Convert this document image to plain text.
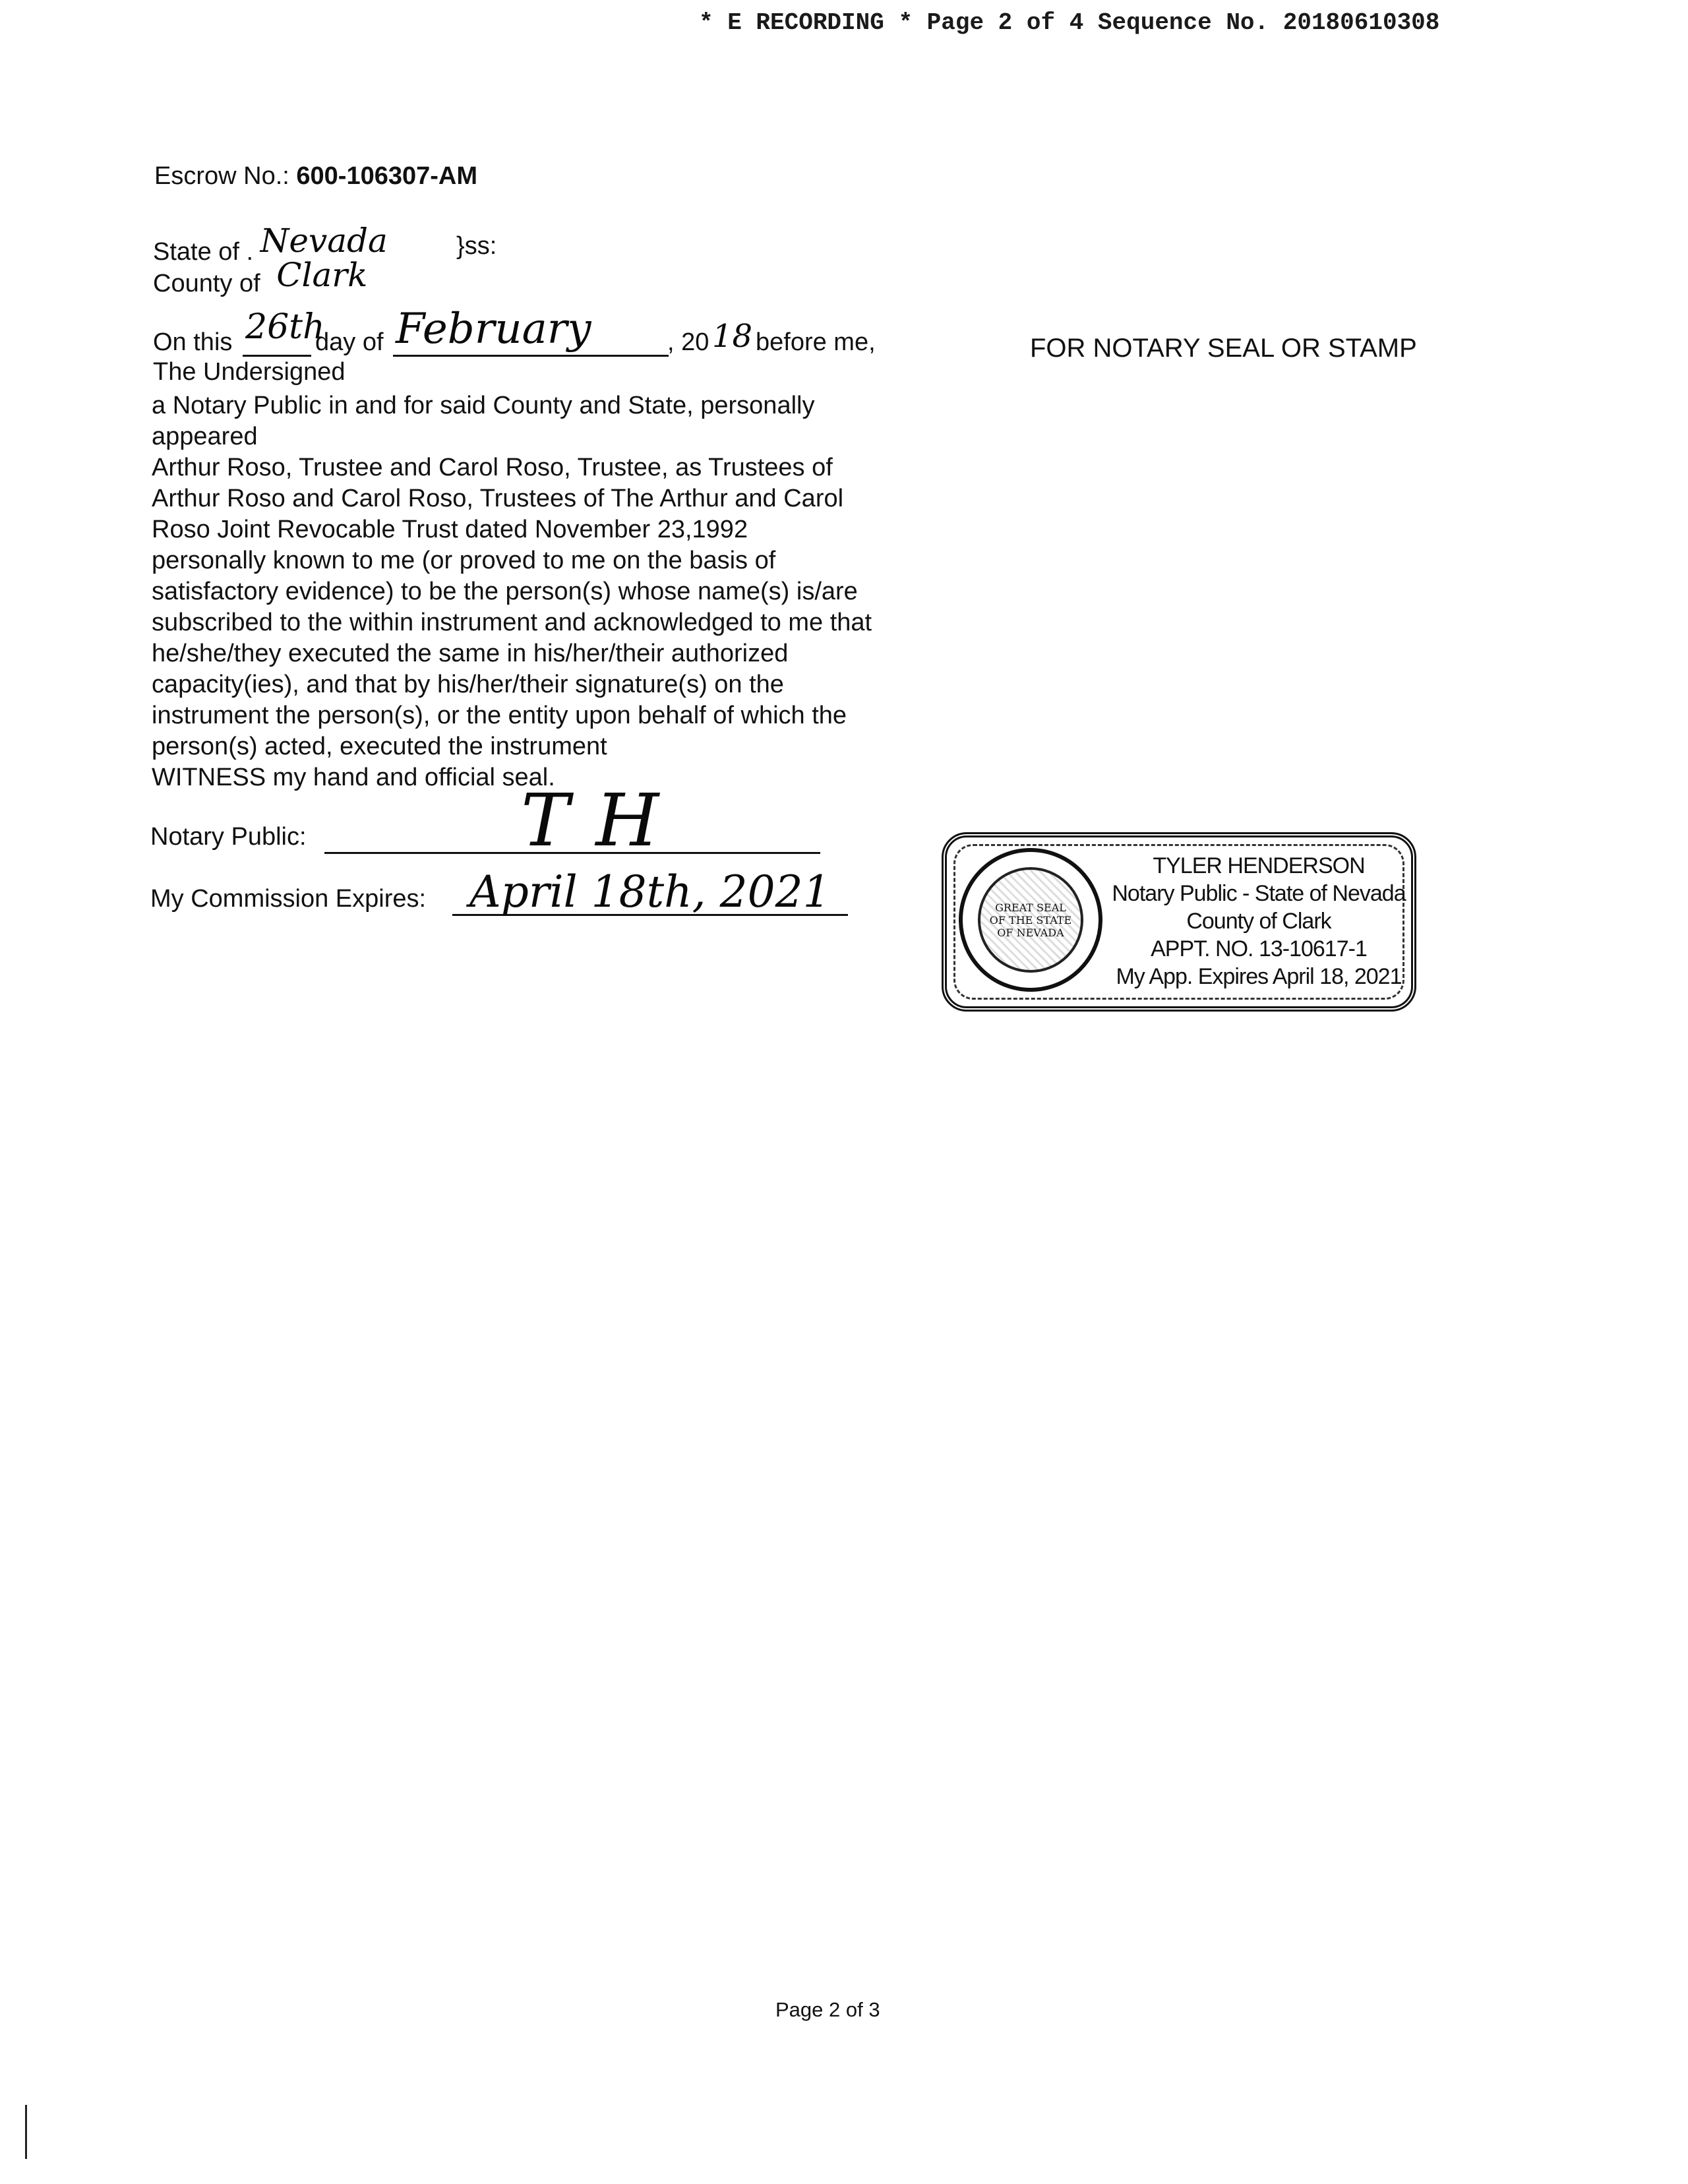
* E RECORDING * Page 2 of 4 Sequence No. 20180610308
Escrow No.: 600-106307-AM
State of . Nevada	}ss:
County of Clark
On this 26th
day of February	, 20 18 before me,
The Undersigned
FOR NOTARY SEAL OR STAMP
a Notary Public in and for said County and State, personally
appeared
Arthur Roso, Trustee and Carol Roso, Trustee, as Trustees of
Arthur Roso and Carol Roso, Trustees of The Arthur and Carol
Roso Joint Revocable Trust dated November 23,1992
personally known to me (or proved to me on the basis of
satisfactory evidence) to be the person(s) whose name(s) is/are
subscribed to the within instrument and acknowledged to me that
he/she/they executed the same in his/her/their authorized
capacity(ies), and that by his/her/their signature(s) on the
instrument the person(s), or the entity upon behalf of which the
person(s) acted, executed the instrument
WITNESS my hand and official seal.
Notary Public:	TH
My Commission Expires: April 18th, 2021	GREAT SEAL OF THE STATE OF NEVADA
TYLER HENDERSON
Notary Public - State of Nevada
County of Clark
APPT. NO. 13-10617-1
My App. Expires April 18, 2021
Page 2 of 3
